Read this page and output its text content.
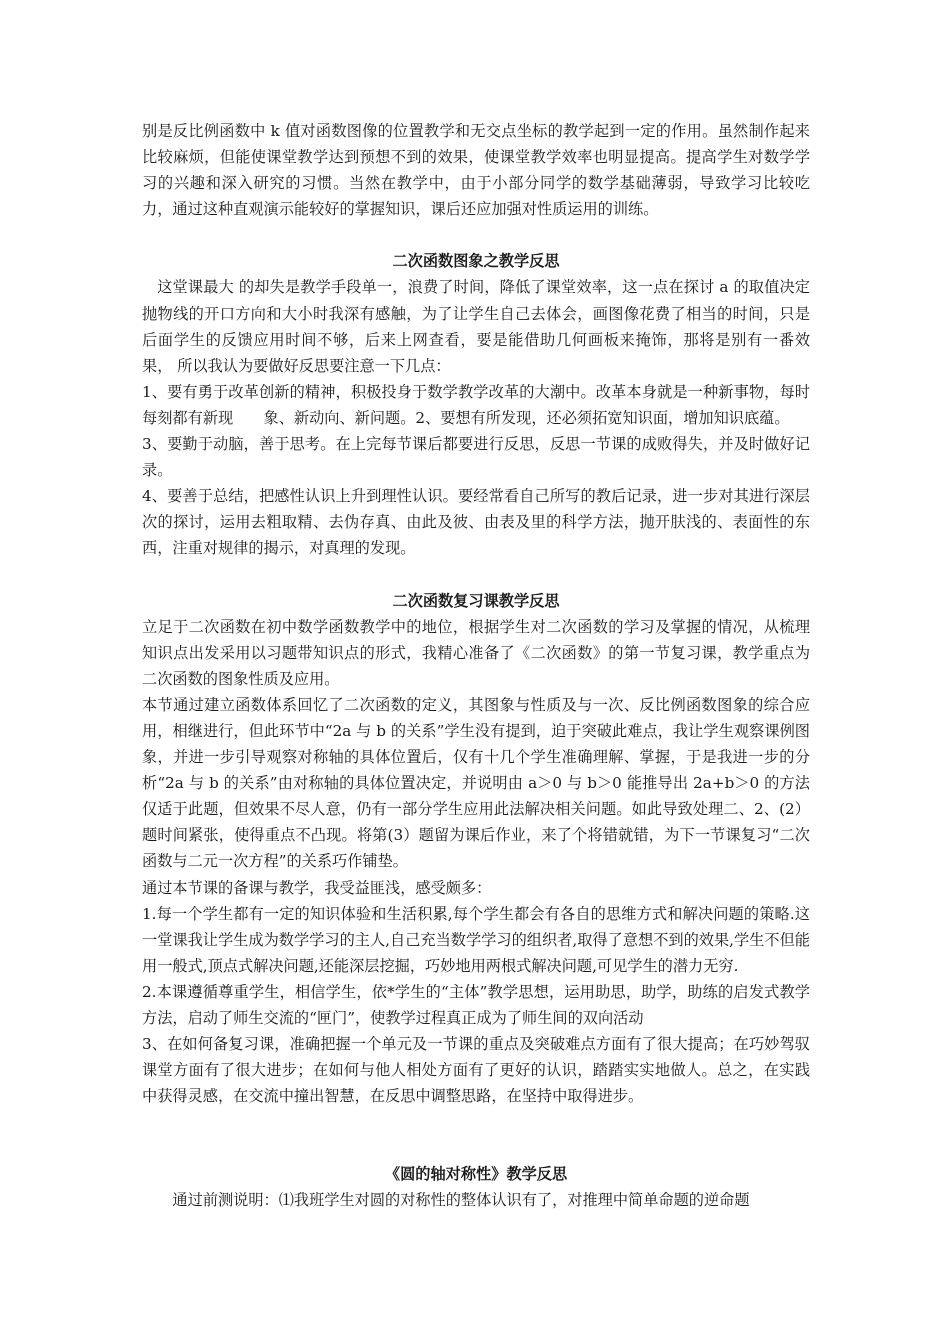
别是反比例函数中 k 值对函数图像的位置教学和无交点坐标的教学起到一定的作用。虽然制作起来比较麻烦，但能使课堂教学达到预想不到的效果，使课堂教学效率也明显提高。提高学生对数学学习的兴趣和深入研究的习惯。当然在教学中，由于小部分同学的数学基础薄弱，导致学习比较吃力，通过这种直观演示能较好的掌握知识，课后还应加强对性质运用的训练。

二次函数图象之教学反思

这堂课最大 的却失是教学手段单一，浪费了时间，降低了课堂效率，这一点在探讨 a 的取值决定抛物线的开口方向和大小时我深有感触，为了让学生自己去体会，画图像花费了相当的时间，只是后面学生的反馈应用时间不够，后来上网查看，要是能借助几何画板来掩饰，那将是别有一番效果， 所以我认为要做好反思要注意一下几点：

1、要有勇于改革创新的精神，积极投身于数学教学改革的大潮中。改革本身就是一种新事物，每时每刻都有新现　　象、新动向、新问题。2、要想有所发现，还必须拓宽知识面，增加知识底蕴。

3、要勤于动脑，善于思考。在上完每节课后都要进行反思，反思一节课的成败得失，并及时做好记录。

4、要善于总结，把感性认识上升到理性认识。要经常看自己所写的教后记录，进一步对其进行深层次的探讨，运用去粗取精、去伪存真、由此及彼、由表及里的科学方法，抛开肤浅的、表面性的东西，注重对规律的揭示，对真理的发现。

二次函数复习课教学反思

立足于二次函数在初中数学函数教学中的地位，根据学生对二次函数的学习及掌握的情况，从梳理知识点出发采用以习题带知识点的形式，我精心准备了《二次函数》的第一节复习课，教学重点为二次函数的图象性质及应用。

本节通过建立函数体系回忆了二次函数的定义，其图象与性质及与一次、反比例函数图象的综合应用，相继进行，但此环节中“2a 与 b 的关系”学生没有提到，迫于突破此难点，我让学生观察课例图象，并进一步引导观察对称轴的具体位置后，仅有十几个学生准确理解、掌握，于是我进一步的分析“2a 与 b 的关系”由对称轴的具体位置决定，并说明由 a＞0 与 b＞0 能推导出 2a+b＞0 的方法仅适于此题，但效果不尽人意，仍有一部分学生应用此法解决相关问题。如此导致处理二、2、(2）题时间紧张，使得重点不凸现。将第(3）题留为课后作业，来了个将错就错，为下一节课复习“二次函数与二元一次方程”的关系巧作铺垫。

通过本节课的备课与教学，我受益匪浅，感受颇多：

1.每一个学生都有一定的知识体验和生活积累,每个学生都会有各自的思维方式和解决问题的策略.这一堂课我让学生成为数学学习的主人,自己充当数学学习的组织者,取得了意想不到的效果,学生不但能用一般式,顶点式解决问题,还能深层挖掘，巧妙地用两根式解决问题,可见学生的潜力无穷.

2.本课遵循尊重学生，相信学生，依*学生的“主体”教学思想，运用助思，助学，助练的启发式教学方法，启动了师生交流的“匣门”，使教学过程真正成为了师生间的双向活动

3、在如何备复习课，准确把握一个单元及一节课的重点及突破难点方面有了很大提高；在巧妙驾驭课堂方面有了很大进步；在如何与他人相处方面有了更好的认识，踏踏实实地做人。总之，在实践中获得灵感，在交流中撞出智慧，在反思中调整思路，在坚持中取得进步。

《圆的轴对称性》教学反思

通过前测说明：⑴我班学生对圆的对称性的整体认识有了，对推理中简单命题的逆命题
